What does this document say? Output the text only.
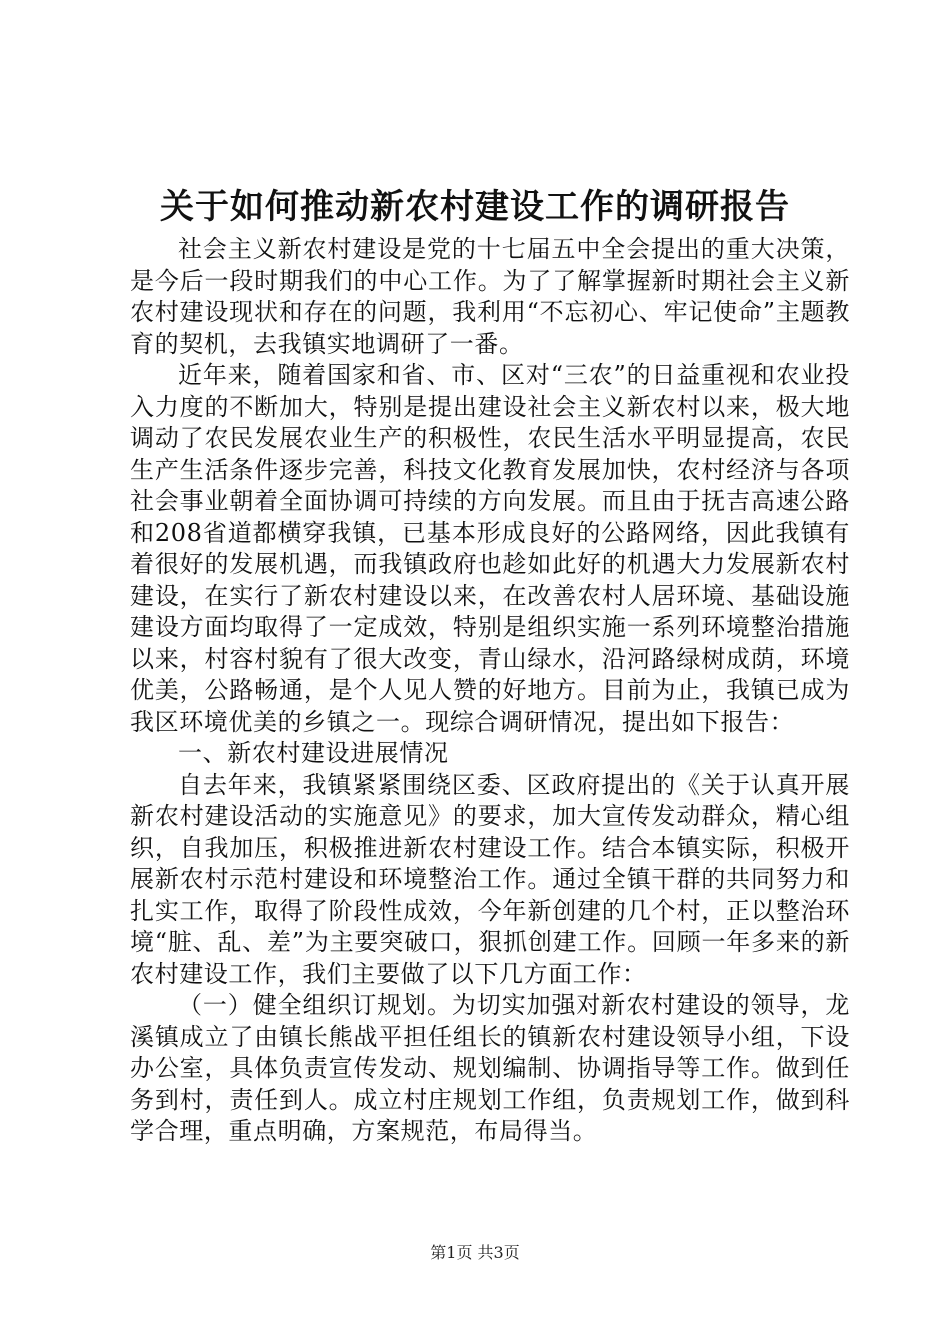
关于如何推动新农村建设工作的调研报告

社会主义新农村建设是党的十七届五中全会提出的重大决策，是今后一段时期我们的中心工作。为了了解掌握新时期社会主义新农村建设现状和存在的问题，我利用“不忘初心、牢记使命”主题教育的契机，去我镇实地调研了一番。

近年来，随着国家和省、市、区对“三农”的日益重视和农业投入力度的不断加大，特别是提出建设社会主义新农村以来，极大地调动了农民发展农业生产的积极性，农民生活水平明显提高，农民生产生活条件逐步完善，科技文化教育发展加快，农村经济与各项社会事业朝着全面协调可持续的方向发展。而且由于抚吉高速公路和208省道都横穿我镇，已基本形成良好的公路网络，因此我镇有着很好的发展机遇，而我镇政府也趁如此好的机遇大力发展新农村建设，在实行了新农村建设以来，在改善农村人居环境、基础设施建设方面均取得了一定成效，特别是组织实施一系列环境整治措施以来，村容村貌有了很大改变，青山绿水，沿河路绿树成荫，环境优美，公路畅通，是个人见人赞的好地方。目前为止，我镇已成为我区环境优美的乡镇之一。现综合调研情况，提出如下报告：

一、新农村建设进展情况

自去年来，我镇紧紧围绕区委、区政府提出的《关于认真开展新农村建设活动的实施意见》的要求，加大宣传发动群众，精心组织，自我加压，积极推进新农村建设工作。结合本镇实际，积极开展新农村示范村建设和环境整治工作。通过全镇干群的共同努力和扎实工作，取得了阶段性成效，今年新创建的几个村，正以整治环境“脏、乱、差”为主要突破口，狠抓创建工作。回顾一年多来的新农村建设工作，我们主要做了以下几方面工作：

（一）健全组织订规划。为切实加强对新农村建设的领导，龙溪镇成立了由镇长熊战平担任组长的镇新农村建设领导小组，下设办公室，具体负责宣传发动、规划编制、协调指导等工作。做到任务到村，责任到人。成立村庄规划工作组，负责规划工作，做到科学合理，重点明确，方案规范，布局得当。

第1页 共3页
